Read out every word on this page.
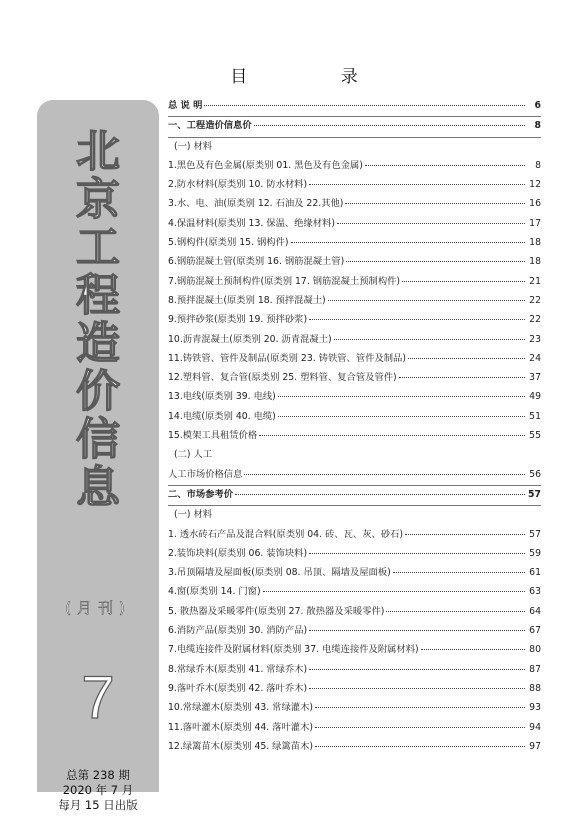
目 录
北
京
工
程
造
价
信
息
(月刊)
7
总第 238 期
2020 年 7 月
每月 15 日出版
总 说 明	6
一、工程造价信息价	8
(一) 材料
1.黑色及有色金属(原类别 01. 黑色及有色金属)	8
2.防水材料(原类别 10. 防水材料)	12
3.水、电、油(原类别 12. 石油及 22.其他)	16
4.保温材料(原类别 13. 保温、绝缘材料)	17
5.钢构件(原类别 15. 钢构件)	18
6.钢筋混凝土管(原类别 16. 钢筋混凝土管)	18
7.钢筋混凝土预制构件(原类别 17. 钢筋混凝土预制构件)	21
8.预拌混凝土(原类别 18. 预拌混凝土)	22
9.预拌砂浆(原类别 19. 预拌砂浆)	22
10.沥青混凝土(原类别 20. 沥青混凝土)	23
11.铸铁管、管件及制品(原类别 23. 铸铁管、管件及制品)	24
12.塑料管、复合管(原类别 25. 塑料管、复合管及管件)	37
13.电线(原类别 39. 电线)	49
14.电缆(原类别 40. 电缆)	51
15.模架工具租赁价格	55
(二) 人工
人工市场价格信息	56
二、市场参考价	57
(一) 材料
1. 透水砖石产品及混合料(原类别 04. 砖、瓦、灰、砂石)	57
2.装饰块料(原类别 06. 装饰块料)	59
3.吊顶隔墙及屋面板(原类别 08. 吊顶、隔墙及屋面板)	61
4.窗(原类别 14. 门窗)	63
5. 散热器及采暖零件(原类别 27. 散热器及采暖零件)	64
6.消防产品(原类别 30. 消防产品)	67
7.电缆连接件及附属材料(原类别 37. 电缆连接件及附属材料)	80
8.常绿乔木(原类别 41. 常绿乔木)	87
9.落叶乔木(原类别 42. 落叶乔木)	88
10.常绿灌木(原类别 43. 常绿灌木)	93
11.落叶灌木(原类别 44. 落叶灌木)	94
12.绿篱苗木(原类别 45. 绿篱苗木)	97
